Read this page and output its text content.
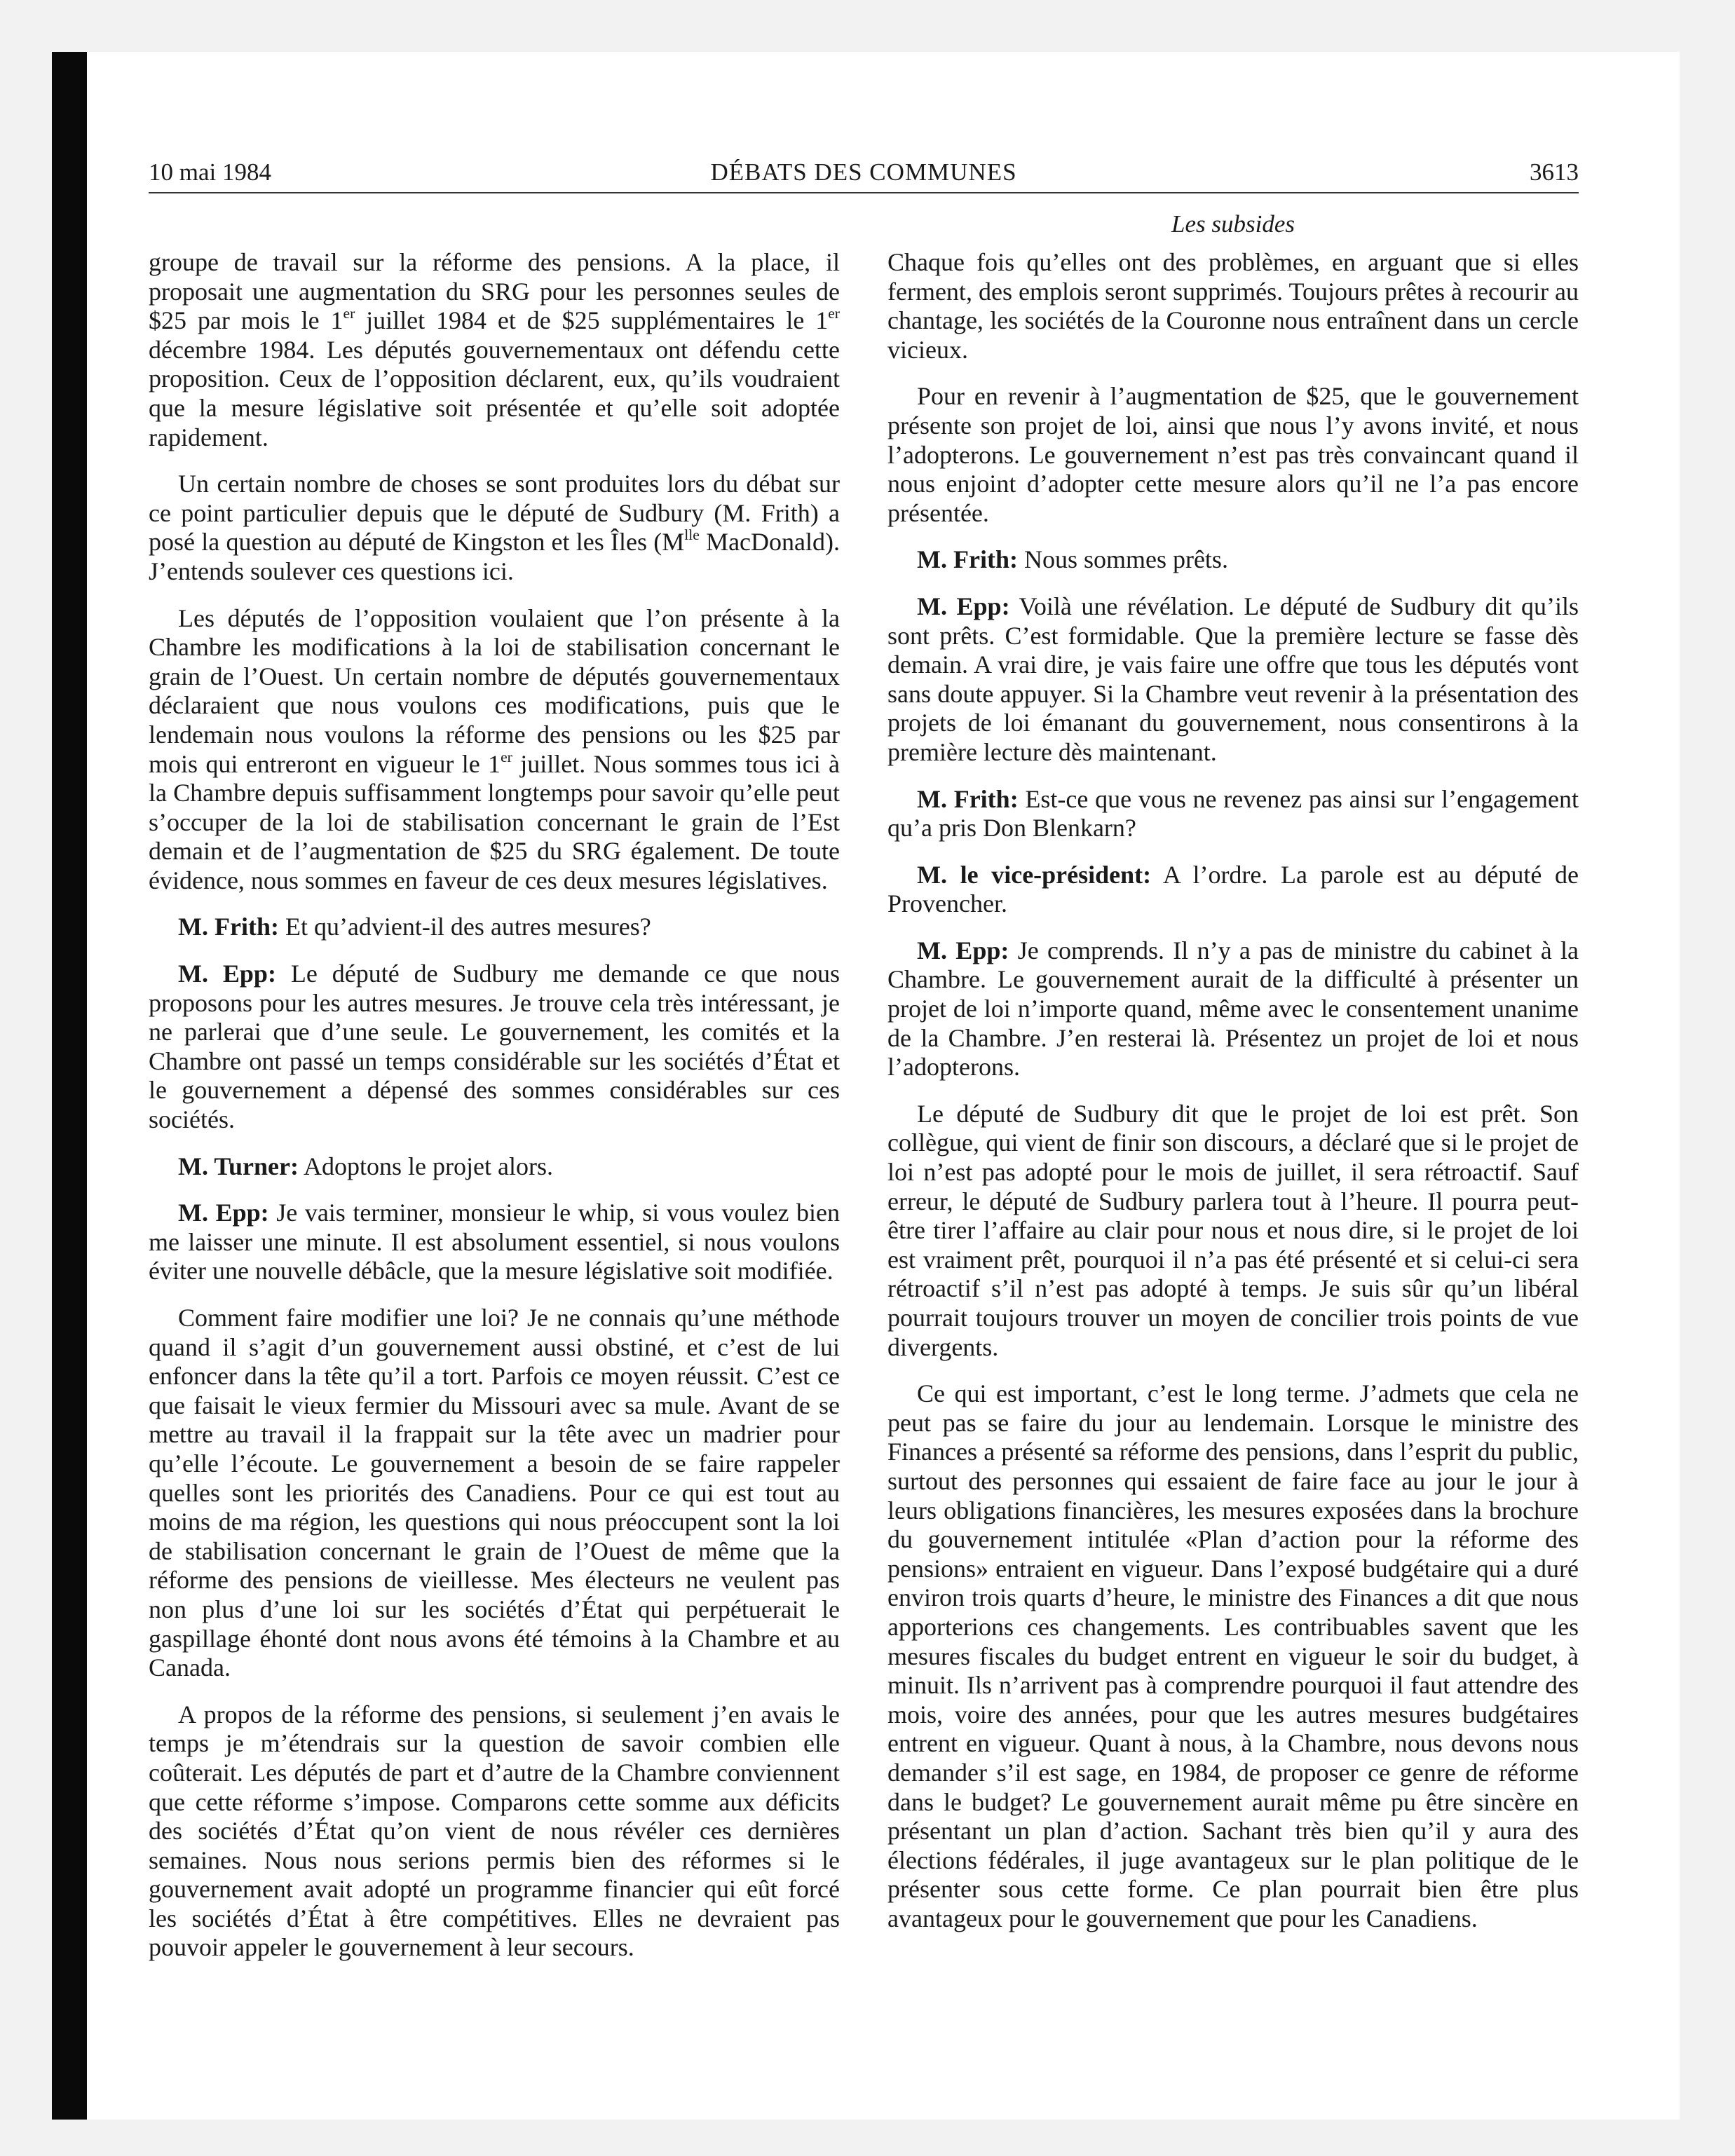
10 mai 1984	DÉBATS DES COMMUNES	3613
Les subsides

groupe de travail sur la réforme des pensions. A la place, il proposait une augmentation du SRG pour les personnes seules de $25 par mois le 1er juillet 1984 et de $25 supplémentaires le 1er décembre 1984. Les députés gouvernementaux ont défendu cette proposition. Ceux de l’opposition déclarent, eux, qu’ils voudraient que la mesure législative soit présentée et qu’elle soit adoptée rapidement.

Un certain nombre de choses se sont produites lors du débat sur ce point particulier depuis que le député de Sudbury (M. Frith) a posé la question au député de Kingston et les Îles ($M^{lle}$ MacDonald). J’entends soulever ces questions ici.

Les députés de l’opposition voulaient que l’on présente à la Chambre les modifications à la loi de stabilisation concernant le grain de l’Ouest. Un certain nombre de députés gouvernementaux déclaraient que nous voulons ces modifications, puis que le lendemain nous voulons la réforme des pensions ou les $25 par mois qui entreront en vigueur le 1er juillet. Nous sommes tous ici à la Chambre depuis suffisamment longtemps pour savoir qu’elle peut s’occuper de la loi de stabilisation concernant le grain de l’Est demain et de l’augmentation de $25 du SRG également. De toute évidence, nous sommes en faveur de ces deux mesures législatives.

M. Frith: Et qu’advient-il des autres mesures?

M. Epp: Le député de Sudbury me demande ce que nous proposons pour les autres mesures. Je trouve cela très intéressant, je ne parlerai que d’une seule. Le gouvernement, les comités et la Chambre ont passé un temps considérable sur les sociétés d’État et le gouvernement a dépensé des sommes considérables sur ces sociétés.

M. Turner: Adoptons le projet alors.

M. Epp: Je vais terminer, monsieur le whip, si vous voulez bien me laisser une minute. Il est absolument essentiel, si nous voulons éviter une nouvelle débâcle, que la mesure législative soit modifiée.

Comment faire modifier une loi? Je ne connais qu’une méthode quand il s’agit d’un gouvernement aussi obstiné, et c’est de lui enfoncer dans la tête qu’il a tort. Parfois ce moyen réussit. C’est ce que faisait le vieux fermier du Missouri avec sa mule. Avant de se mettre au travail il la frappait sur la tête avec un madrier pour qu’elle l’écoute. Le gouvernement a besoin de se faire rappeler quelles sont les priorités des Canadiens. Pour ce qui est tout au moins de ma région, les questions qui nous préoccupent sont la loi de stabilisation concernant le grain de l’Ouest de même que la réforme des pensions de vieillesse. Mes électeurs ne veulent pas non plus d’une loi sur les sociétés d’État qui perpétuerait le gaspillage éhonté dont nous avons été témoins à la Chambre et au Canada.

A propos de la réforme des pensions, si seulement j’en avais le temps je m’étendrais sur la question de savoir combien elle coûterait. Les députés de part et d’autre de la Chambre conviennent que cette réforme s’impose. Comparons cette somme aux déficits des sociétés d’État qu’on vient de nous révéler ces dernières semaines. Nous nous serions permis bien des réformes si le gouvernement avait adopté un programme financier qui eût forcé les sociétés d’État à être compétitives. Elles ne devraient pas pouvoir appeler le gouvernement à leur secours.

Chaque fois qu’elles ont des problèmes, en arguant que si elles ferment, des emplois seront supprimés. Toujours prêtes à recourir au chantage, les sociétés de la Couronne nous entraînent dans un cercle vicieux.

Pour en revenir à l’augmentation de $25, que le gouvernement présente son projet de loi, ainsi que nous l’y avons invité, et nous l’adopterons. Le gouvernement n’est pas très convaincant quand il nous enjoint d’adopter cette mesure alors qu’il ne l’a pas encore présentée.

M. Frith: Nous sommes prêts.

M. Epp: Voilà une révélation. Le député de Sudbury dit qu’ils sont prêts. C’est formidable. Que la première lecture se fasse dès demain. A vrai dire, je vais faire une offre que tous les députés vont sans doute appuyer. Si la Chambre veut revenir à la présentation des projets de loi émanant du gouvernement, nous consentirons à la première lecture dès maintenant.

M. Frith: Est-ce que vous ne revenez pas ainsi sur l’engagement qu’a pris Don Blenkarn?

M. le vice-président: A l’ordre. La parole est au député de Provencher.

M. Epp: Je comprends. Il n’y a pas de ministre du cabinet à la Chambre. Le gouvernement aurait de la difficulté à présenter un projet de loi n’importe quand, même avec le consentement unanime de la Chambre. J’en resterai là. Présentez un projet de loi et nous l’adopterons.

Le député de Sudbury dit que le projet de loi est prêt. Son collègue, qui vient de finir son discours, a déclaré que si le projet de loi n’est pas adopté pour le mois de juillet, il sera rétroactif. Sauf erreur, le député de Sudbury parlera tout à l’heure. Il pourra peut-être tirer l’affaire au clair pour nous et nous dire, si le projet de loi est vraiment prêt, pourquoi il n’a pas été présenté et si celui-ci sera rétroactif s’il n’est pas adopté à temps. Je suis sûr qu’un libéral pourrait toujours trouver un moyen de concilier trois points de vue divergents.

Ce qui est important, c’est le long terme. J’admets que cela ne peut pas se faire du jour au lendemain. Lorsque le ministre des Finances a présenté sa réforme des pensions, dans l’esprit du public, surtout des personnes qui essaient de faire face au jour le jour à leurs obligations financières, les mesures exposées dans la brochure du gouvernement intitulée «Plan d’action pour la réforme des pensions» entraient en vigueur. Dans l’exposé budgétaire qui a duré environ trois quarts d’heure, le ministre des Finances a dit que nous apporterions ces changements. Les contribuables savent que les mesures fiscales du budget entrent en vigueur le soir du budget, à minuit. Ils n’arrivent pas à comprendre pourquoi il faut attendre des mois, voire des années, pour que les autres mesures budgétaires entrent en vigueur. Quant à nous, à la Chambre, nous devons nous demander s’il est sage, en 1984, de proposer ce genre de réforme dans le budget? Le gouvernement aurait même pu être sincère en présentant un plan d’action. Sachant très bien qu’il y aura des élections fédérales, il juge avantageux sur le plan politique de le présenter sous cette forme. Ce plan pourrait bien être plus avantageux pour le gouvernement que pour les Canadiens.
